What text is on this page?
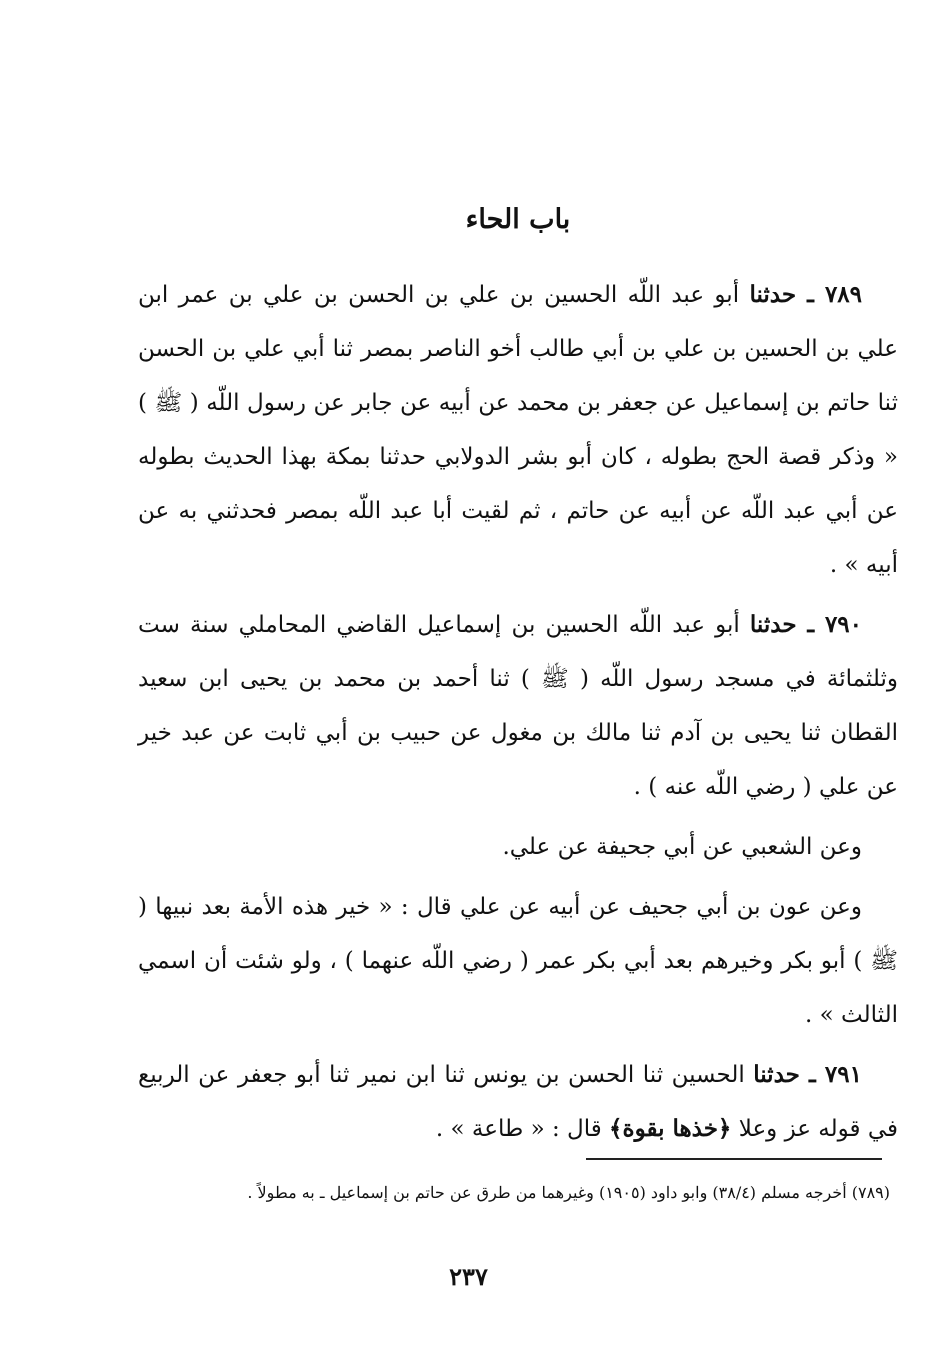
باب الحاء

٧٨٩ ـ حدثنا أبو عبد اللّه الحسين بن علي بن الحسن بن علي بن عمر ابن علي بن الحسين بن علي بن أبي طالب أخو الناصر بمصر ثنا أبي علي بن الحسن ثنا حاتم بن إسماعيل عن جعفر بن محمد عن أبيه عن جابر عن رسول اللّه ( ﷺ ) « وذكر قصة الحج بطوله ، كان أبو بشر الدولابي حدثنا بمكة بهذا الحديث بطوله عن أبي عبد اللّه عن أبيه عن حاتم ، ثم لقيت أبا عبد اللّه بمصر فحدثني به عن أبيه » .

٧٩٠ ـ حدثنا أبو عبد اللّه الحسين بن إسماعيل القاضي المحاملي سنة ست وثلثمائة في مسجد رسول اللّه ( ﷺ ) ثنا أحمد بن محمد بن يحيى ابن سعيد القطان ثنا يحيى بن آدم ثنا مالك بن مغول عن حبيب بن أبي ثابت عن عبد خير عن علي ( رضي اللّه عنه ) .

وعن الشعبي عن أبي جحيفة عن علي.

وعن عون بن أبي جحيف عن أبيه عن علي قال : « خير هذه الأمة بعد نبيها ( ﷺ ) أبو بكر وخيرهم بعد أبي بكر عمر ( رضي اللّه عنهما ) ، ولو شئت أن اسمي الثالث » .

٧٩١ ـ حدثنا الحسين ثنا الحسن بن يونس ثنا ابن نمير ثنا أبو جعفر عن الربيع في قوله عز وعلا ﴿خذها بقوة﴾ قال : « طاعة » .

(٧٨٩) أخرجه مسلم (٣٨/٤) وابو داود (١٩٠٥) وغيرهما من طرق عن حاتم بن إسماعيل ـ به مطولاً .
٢٣٧
